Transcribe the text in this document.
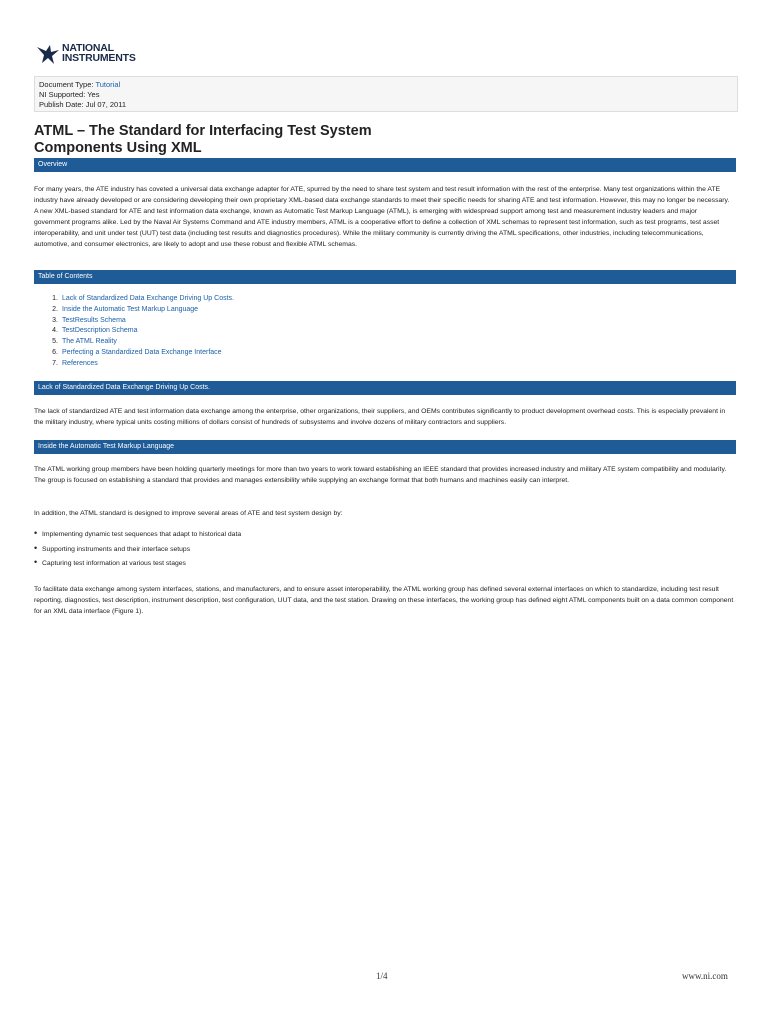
NATIONAL
INSTRUMENTS
Document Type: Tutorial
NI Supported: Yes
Publish Date: Jul 07, 2011
ATML – The Standard for Interfacing Test System
Components Using XML
Overview

For many years, the ATE industry has coveted a universal data exchange adapter for ATE, spurred by the need to share test system and test result information with the rest of the enterprise. Many test organizations within the ATE industry have already developed or are considering developing their own proprietary XML-based data exchange standards to meet their specific needs for sharing ATE and test information. However, this may no longer be necessary. A new XML-based standard for ATE and test information data exchange, known as Automatic Test Markup Language (ATML), is emerging with widespread support among test and measurement industry leaders and major government programs alike. Led by the Naval Air Systems Command and ATE industry members, ATML is a cooperative effort to define a collection of XML schemas to represent test information, such as test programs, test asset interoperability, and unit under test (UUT) test data (including test results and diagnostics procedures). While the military community is currently driving the ATML specifications, other industries, including telecommunications, automotive, and consumer electronics, are likely to adopt and use these robust and flexible ATML schemas.

Table of Contents
1. Lack of Standardized Data Exchange Driving Up Costs.
2. Inside the Automatic Test Markup Language
3. TestResults Schema
4. TestDescription Schema
5. The ATML Reality
6. Perfecting a Standardized Data Exchange Interface
7. References
Lack of Standardized Data Exchange Driving Up Costs.

The lack of standardized ATE and test information data exchange among the enterprise, other organizations, their suppliers, and OEMs contributes significantly to product development overhead costs. This is especially prevalent in the military industry, where typical units costing millions of dollars consist of hundreds of subsystems and involve dozens of military contractors and suppliers.

Inside the Automatic Test Markup Language

The ATML working group members have been holding quarterly meetings for more than two years to work toward establishing an IEEE standard that provides increased industry and military ATE system compatibility and modularity. The group is focused on establishing a standard that provides and manages extensibility while supplying an exchange format that both humans and machines easily can interpret.

In addition, the ATML standard is designed to improve several areas of ATE and test system design by:

• Implementing dynamic test sequences that adapt to historical data
• Supporting instruments and their interface setups
• Capturing test information at various test stages

To facilitate data exchange among system interfaces, stations, and manufacturers, and to ensure asset interoperability, the ATML working group has defined several external interfaces on which to standardize, including test result reporting, diagnostics, test description, instrument description, test configuration, UUT data, and the test station. Drawing on these interfaces, the working group has defined eight ATML components built on a data common component for an XML data interface (Figure 1).

1/4	www.ni.com
